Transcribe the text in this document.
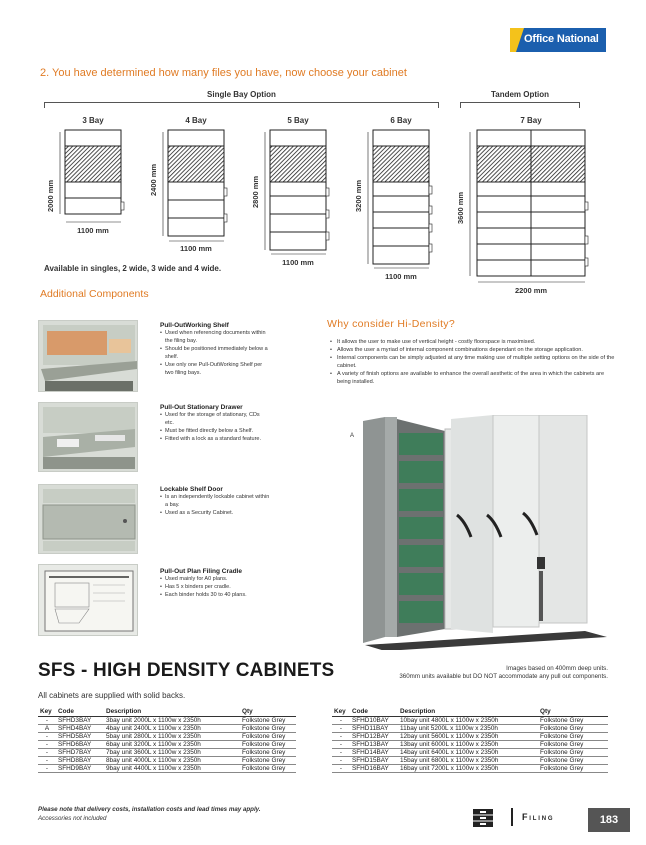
Office National
2. You have determined how many files you have, now choose your cabinet
Single Bay Option	Tandem Option
3 Bay	4 Bay	5 Bay	6 Bay	7 Bay
2000 mm	2400 mm	2800 mm	3200 mm	3600 mm
1100 mm
1100 mm
1100 mm
1100 mm
2200 mm
Available in singles, 2 wide, 3 wide and 4 wide.
Additional Components
Pull-OutWorking Shelf
• Used when referencing documents within the filing bay.
• Should be positioned immediately below a shelf.
• Use only one Pull-OutWorking Shelf per two filing bays.
Pull-Out Stationary Drawer
• Used for the storage of stationary, CDs etc.
• Must be fitted directly below a Shelf.
• Fitted with a lock as a standard feature.
Lockable Shelf Door
• Is an independently lockable cabinet within a bay.
• Used as a Security Cabinet.
Pull-Out Plan Filing Cradle
• Used mainly for A0 plans.
• Has 5 x binders per cradle.
• Each binder holds 30 to 40 plans.
Why consider Hi-Density?
• It allows the user to make use of vertical height - costly floorspace is maximised.
• Allows the user a myriad of internal component combinations dependant on the storage application.
• Internal components can be simply adjusted at any time making use of multiple setting options on the side of the cabinet.
• A variety of finish options are available to enhance the overall aesthetic of the area in which the cabinets are being installed.
A
Images based on 400mm deep units.
360mm units available but DO NOT accommodate any pull out components.
SFS - HIGH DENSITY CABINETS
All cabinets are supplied with solid backs.
Key	Code	Description	Qty
-	SFHD3BAY	3bay unit 2000L x 1100w x 2350h	Folkstone Grey
A	SFHD4BAY	4bay unit 2400L x 1100w x 2350h	Folkstone Grey
-	SFHD5BAY	5bay unit 2800L x 1100w x 2350h	Folkstone Grey
-	SFHD6BAY	6bay unit 3200L x 1100w x 2350h	Folkstone Grey
-	SFHD7BAY	7bay unit 3600L x 1100w x 2350h	Folkstone Grey
-	SFHD8BAY	8bay unit 4000L x 1100w x 2350h	Folkstone Grey
-	SFHD9BAY	9bay unit 4400L x 1100w x 2350h	Folkstone Grey
Key	Code	Description	Qty
-	SFHD10BAY	10bay unit 4800L x 1100w x 2350h	Folkstone Grey
-	SFHD11BAY	11bay unit 5200L x 1100w x 2350h	Folkstone Grey
-	SFHD12BAY	12bay unit 5600L x 1100w x 2350h	Folkstone Grey
-	SFHD13BAY	13bay unit 6000L x 1100w x 2350h	Folkstone Grey
-	SFHD14BAY	14bay unit 6400L x 1100w x 2350h	Folkstone Grey
-	SFHD15BAY	15bay unit 6800L x 1100w x 2350h	Folkstone Grey
-	SFHD16BAY	16bay unit 7200L x 1100w x 2350h	Folkstone Grey
Please note that delivery costs, installation costs and lead times may apply.
Accessories not included	Filing	183
